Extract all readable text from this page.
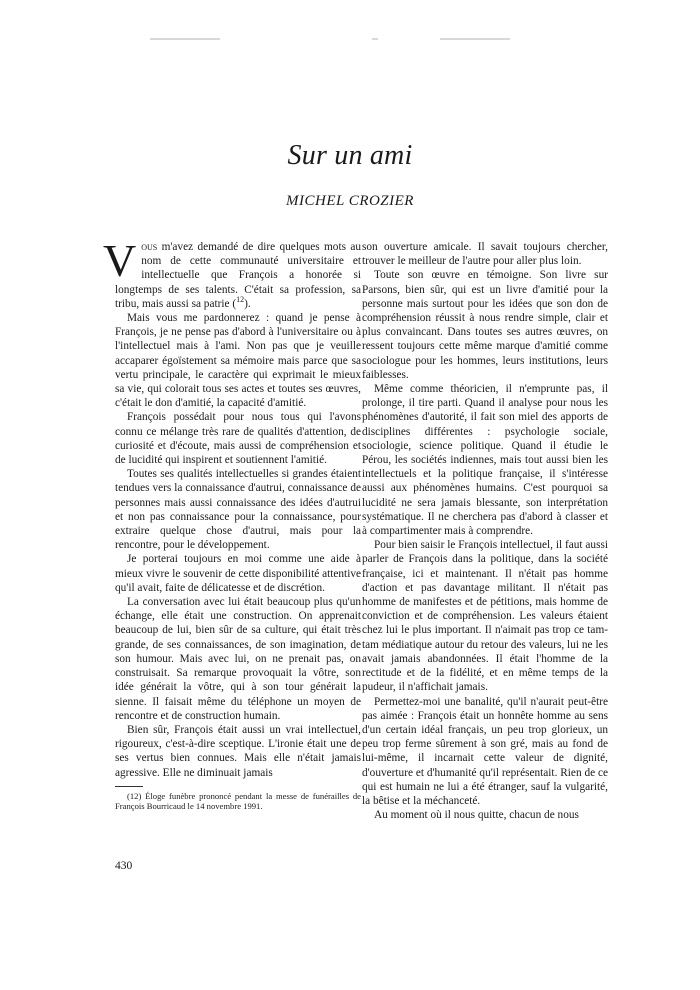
Sur un ami
MICHEL CROZIER

Vous m'avez demandé de dire quelques mots au nom de cette communauté universitaire et intellectuelle que François a honorée si longtemps de ses talents. C'était sa profession, sa tribu, mais aussi sa patrie ($^{12}$).

Mais vous me pardonnerez : quand je pense à François, je ne pense pas d'abord à l'universitaire ou à l'intellectuel mais à l'ami. Non pas que je veuille accaparer égoïstement sa mémoire mais parce que sa vertu principale, le caractère qui exprimait le mieux sa vie, qui colorait tous ses actes et toutes ses œuvres, c'était le don d'amitié, la capacité d'amitié.

François possédait pour nous tous qui l'avons connu ce mélange très rare de qualités d'attention, de curiosité et d'écoute, mais aussi de compréhension et de lucidité qui inspirent et soutiennent l'amitié.

Toutes ses qualités intellectuelles si grandes étaient tendues vers la connaissance d'autrui, connaissance de personnes mais aussi connaissance des idées d'autrui et non pas connaissance pour la connaissance, pour extraire quelque chose d'autrui, mais pour la rencontre, pour le développement.

Je porterai toujours en moi comme une aide à mieux vivre le souvenir de cette disponibilité attentive qu'il avait, faite de délicatesse et de discrétion.

La conversation avec lui était beaucoup plus qu'un échange, elle était une construction. On apprenait beaucoup de lui, bien sûr de sa culture, qui était très grande, de ses connaissances, de son imagination, de son humour. Mais avec lui, on ne prenait pas, on construisait. Sa remarque provoquait la vôtre, son idée générait la vôtre, qui à son tour générait la sienne. Il faisait même du téléphone un moyen de rencontre et de construction humain.

Bien sûr, François était aussi un vrai intellectuel, rigoureux, c'est-à-dire sceptique. L'ironie était une de ses vertus bien connues. Mais elle n'était jamais agressive. Elle ne diminuait jamais

(12) Éloge funèbre prononcé pendant la messe de funérailles de François Bourricaud le 14 novembre 1991.

son ouverture amicale. Il savait toujours chercher, trouver le meilleur de l'autre pour aller plus loin.

Toute son œuvre en témoigne. Son livre sur Parsons, bien sûr, qui est un livre d'amitié pour la personne mais surtout pour les idées que son don de compréhension réussit à nous rendre simple, clair et plus convaincant. Dans toutes ses autres œuvres, on ressent toujours cette même marque d'amitié comme sociologue pour les hommes, leurs institutions, leurs faiblesses.

Même comme théoricien, il n'emprunte pas, il prolonge, il tire parti. Quand il analyse pour nous les phénomènes d'autorité, il fait son miel des apports de disciplines différentes : psychologie sociale, sociologie, science politique. Quand il étudie le Pérou, les sociétés indiennes, mais tout aussi bien les intellectuels et la politique française, il s'intéresse aussi aux phénomènes humains. C'est pourquoi sa lucidité ne sera jamais blessante, son interprétation systématique. Il ne cherchera pas d'abord à classer et à compartimenter mais à comprendre.

Pour bien saisir le François intellectuel, il faut aussi parler de François dans la politique, dans la société française, ici et maintenant. Il n'était pas homme d'action et pas davantage militant. Il n'était pas homme de manifestes et de pétitions, mais homme de conviction et de compréhension. Les valeurs étaient chez lui le plus important. Il n'aimait pas trop ce tam-tam médiatique autour du retour des valeurs, lui ne les avait jamais abandonnées. Il était l'homme de la rectitude et de la fidélité, et en même temps de la pudeur, il n'affichait jamais.

Permettez-moi une banalité, qu'il n'aurait peut-être pas aimée : François était un honnête homme au sens d'un certain idéal français, un peu trop glorieux, un peu trop ferme sûrement à son gré, mais au fond de lui-même, il incarnait cette valeur de dignité, d'ouverture et d'humanité qu'il représentait. Rien de ce qui est humain ne lui a été étranger, sauf la vulgarité, la bêtise et la méchanceté.

Au moment où il nous quitte, chacun de nous

430
